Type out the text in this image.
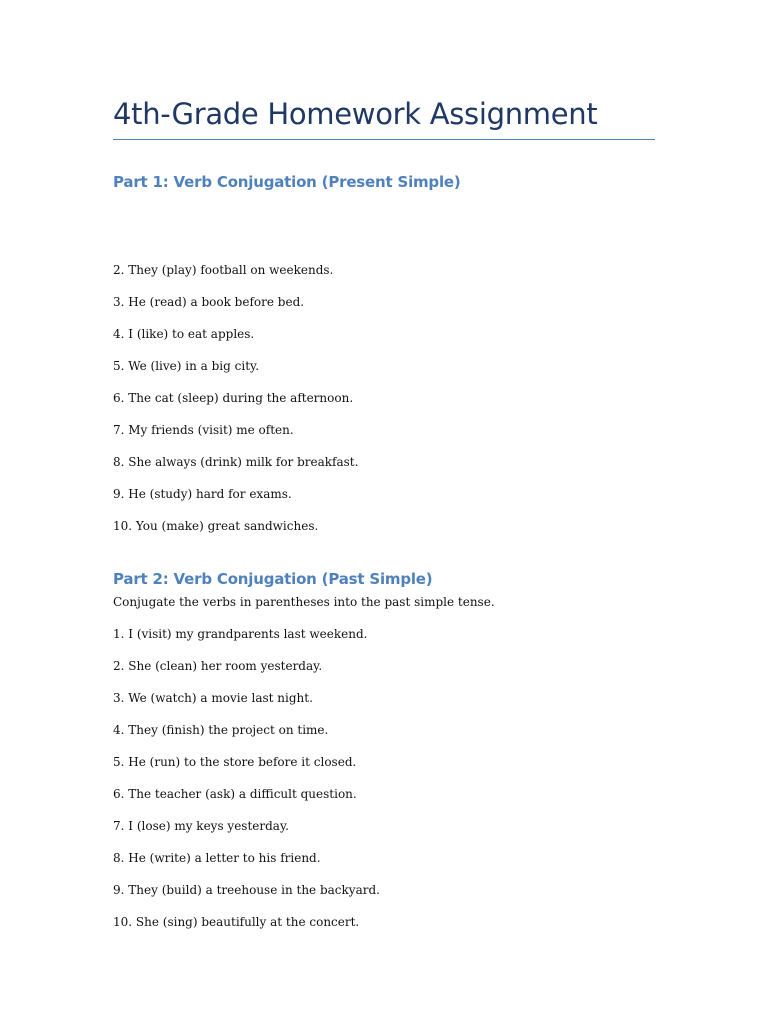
4th-Grade Homework Assignment
Part 1: Verb Conjugation (Present Simple)

2. They (play) football on weekends.

3. He (read) a book before bed.

4. I (like) to eat apples.

5. We (live) in a big city.

6. The cat (sleep) during the afternoon.

7. My friends (visit) me often.

8. She always (drink) milk for breakfast.

9. He (study) hard for exams.

10. You (make) great sandwiches.

Part 2: Verb Conjugation (Past Simple)

Conjugate the verbs in parentheses into the past simple tense.

1. I (visit) my grandparents last weekend.

2. She (clean) her room yesterday.

3. We (watch) a movie last night.

4. They (finish) the project on time.

5. He (run) to the store before it closed.

6. The teacher (ask) a difficult question.

7. I (lose) my keys yesterday.

8. He (write) a letter to his friend.

9. They (build) a treehouse in the backyard.

10. She (sing) beautifully at the concert.
